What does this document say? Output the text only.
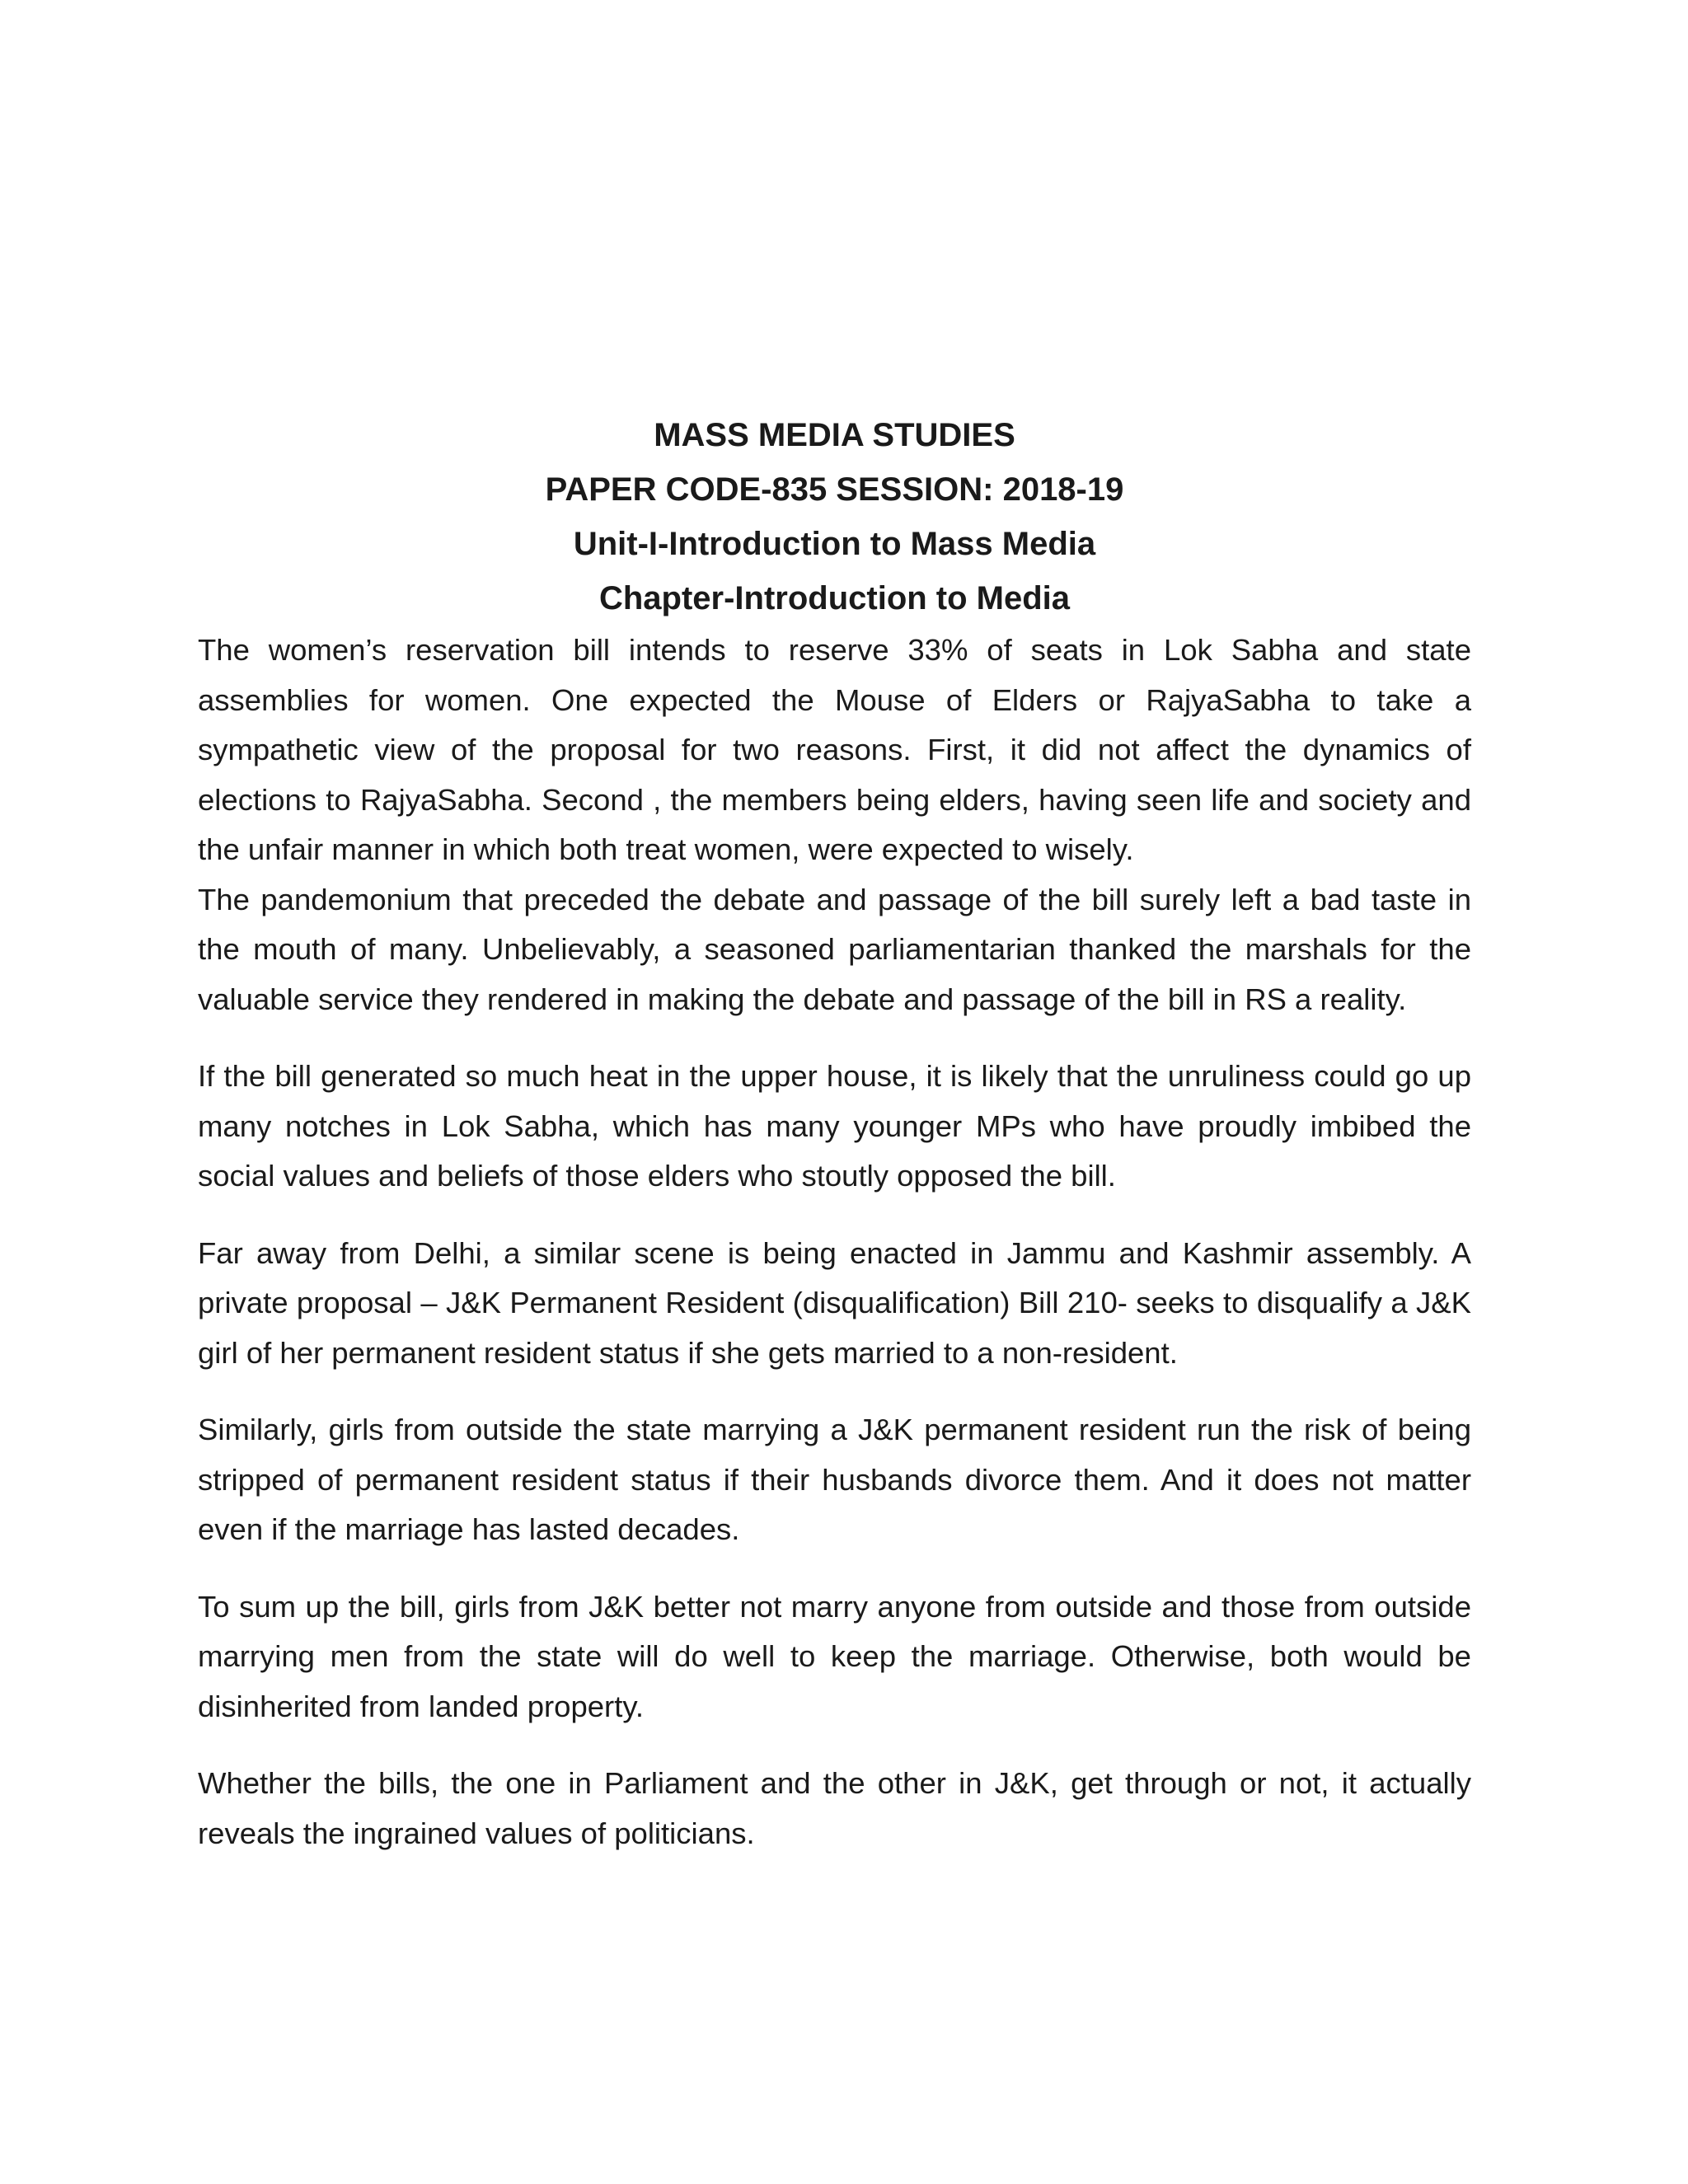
MASS MEDIA STUDIES

PAPER CODE-835 SESSION: 2018-19

Unit-I-Introduction to Mass Media

Chapter-Introduction to Media

The women’s reservation bill intends to reserve 33% of seats in Lok Sabha and state assemblies for women. One expected the Mouse of Elders or RajyaSabha to take a sympathetic view of the proposal for two reasons. First, it did not affect the dynamics of elections to RajyaSabha. Second , the members being elders, having seen life and society and the unfair manner in which both treat women, were expected to wisely.

The pandemonium that preceded the debate and passage of the bill surely left a bad taste in the mouth of many. Unbelievably, a seasoned parliamentarian thanked the marshals for the valuable service they rendered in making the debate and passage of the bill in RS a reality.

If the bill generated so much heat in the upper house, it is likely that the unruliness could go up many notches in Lok Sabha, which has many younger MPs who have proudly imbibed the social values and beliefs of those elders who stoutly opposed the bill.

Far away from Delhi, a similar scene is being enacted in Jammu and Kashmir assembly. A private proposal – J&K Permanent Resident (disqualification) Bill 210- seeks to disqualify a J&K girl of her permanent resident status if she gets married to a non-resident.

Similarly, girls from outside the state marrying a J&K permanent resident run the risk of being stripped of permanent resident status if their husbands divorce them. And it does not matter even if the marriage has lasted decades.

To sum up the bill, girls from J&K better not marry anyone from outside and those from outside marrying men from the state will do well to keep the marriage. Otherwise, both would be disinherited from landed property.

Whether the bills, the one in Parliament and the other in J&K, get through or not, it actually reveals the ingrained values of politicians.
